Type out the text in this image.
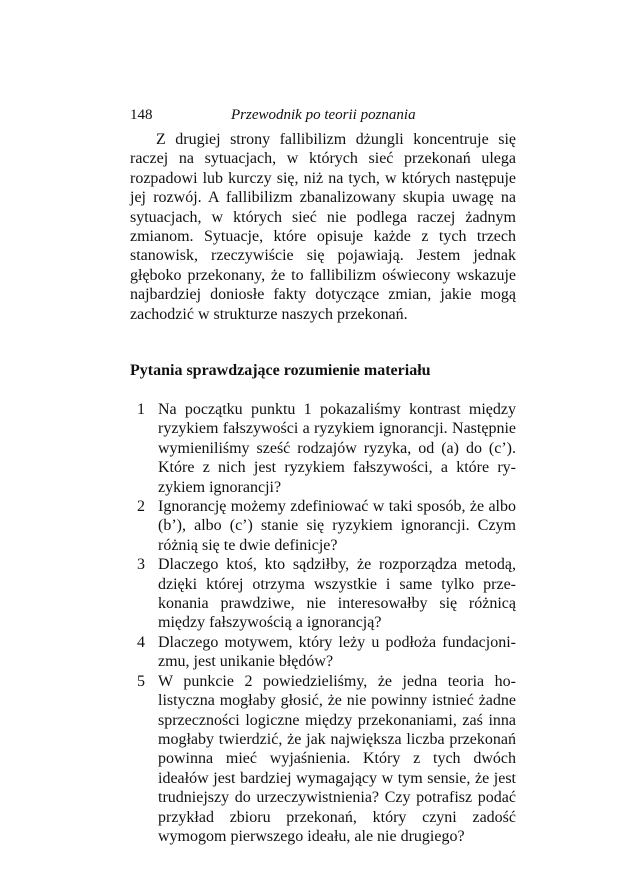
148	Przewodnik po teorii poznania

Z drugiej strony fallibilizm dżungli koncentruje się raczej na sytuacjach, w których sieć przekonań ulega rozpadowi lub kurczy się, niż na tych, w których następuje jej rozwój. A fallibilizm zbanalizowany skupia uwagę na sytuacjach, w których sieć nie podlega raczej żadnym zmianom. Sytuacje, które opisuje każde z tych trzech stanowisk, rzeczywiście się pojawiają. Jestem jednak głęboko przekonany, że to fallibilizm oświecony wskazuje najbardziej doniosłe fakty dotyczące zmian, jakie mogą zachodzić w strukturze naszych przekonań.

Pytania sprawdzające rozumienie materiału
1 Na początku punktu 1 pokazaliśmy kontrast między ryzykiem fałszywości a ryzykiem ignorancji. Następnie wymieniliśmy sześć rodzajów ryzyka, od (a) do (c’). Które z nich jest ryzykiem fałszywości, a które ryzykiem ignorancji?
2 Ignorancję możemy zdefiniować w taki sposób, że albo (b’), albo (c’) stanie się ryzykiem ignorancji. Czym różnią się te dwie definicje?
3 Dlaczego ktoś, kto sądziłby, że rozporządza metodą, dzięki której otrzyma wszystkie i same tylko przekonania prawdziwe, nie interesowałby się różnicą między fałszywością a ignorancją?
4 Dlaczego motywem, który leży u podłoża fundacjonizmu, jest unikanie błędów?
5 W punkcie 2 powiedzieliśmy, że jedna teoria holistyczna mogłaby głosić, że nie powinny istnieć żadne sprzeczności logiczne między przekonaniami, zaś inna mogłaby twierdzić, że jak największa liczba przekonań powinna mieć wyjaśnienia. Który z tych dwóch ideałów jest bardziej wymagający w tym sensie, że jest trudniejszy do urzeczywistnienia? Czy potrafisz podać przykład zbioru przekonań, który czyni zadość wymogom pierwszego ideału, ale nie drugiego?
